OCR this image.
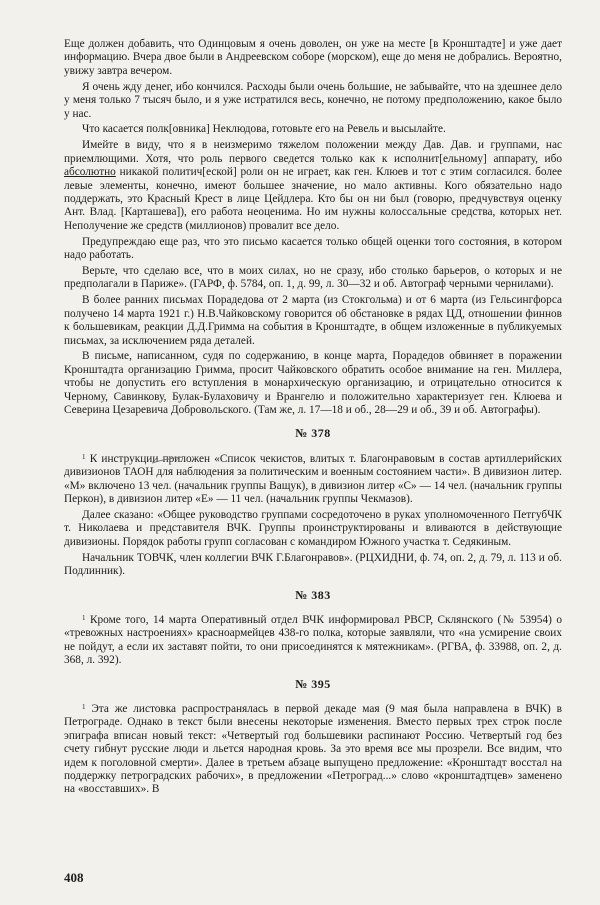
Еще должен добавить, что Одинцовым я очень доволен, он уже на месте [в Кронштадте] и уже дает информацию. Вчера двое были в Андреевском соборе (морском), еще до меня не добрались. Вероятно, увижу завтра вечером.

Я очень жду денег, ибо кончился. Расходы были очень большие, не забывайте, что на здешнее дело у меня только 7 тысяч было, и я уже истратился весь, конечно, не потому предположению, какое было у нас.

Что касается полк[овника] Неклюдова, готовьте его на Ревель и высылайте.

Имейте в виду, что я в неизмеримо тяжелом положении между Дав. Дав. и группами, нас приемлющими. Хотя, что роль первого сведется только как к исполнит[ельному] аппарату, ибо абсолютно никакой политич[еской] роли он не играет, как ген. Клюев и тот с этим согласился. более левые элементы, конечно, имеют большее значение, но мало активны. Кого обязательно надо поддержать, это Красный Крест в лице Цейдлера. Кто бы он ни был (говорю, предчувствуя оценку Ант. Влад. [Карташева]), его работа неоценима. Но им нужны колоссальные средства, которых нет. Неполучение же средств (миллионов) провалит все дело.

Предупреждаю еще раз, что это письмо касается только общей оценки того состояния, в котором надо работать.

Верьте, что сделаю все, что в моих силах, но не сразу, ибо столько барьеров, о которых и не предполагали в Париже». (ГАРФ, ф. 5784, оп. 1, д. 99, л. 30—32 и об. Автограф черными чернилами).

В более ранних письмах Порадедова от 2 марта (из Стокгольма) и от 6 марта (из Гельсингфорса получено 14 марта 1921 г.) Н.В.Чайковскому говорится об обстановке в рядах ЦД, отношении финнов к большевикам, реакции Д.Д.Гримма на события в Кронштадте, в общем изложенные в публикуемых письмах, за исключением ряда деталей.

В письме, написанном, судя по содержанию, в конце марта, Порадедов обвиняет в поражении Кронштадта организацию Гримма, просит Чайковского обратить особое внимание на ген. Миллера, чтобы не допустить его вступления в монархическую организацию, и отрицательно относится к Черному, Савинкову, Булак-Булаховичу и Врангелю и положительно характеризует ген. Клюева и Северина Цезаревича Добровольского. (Там же, л. 17—18 и об., 28—29 и об., 39 и об. Автографы).

№ 378

$^1$ К инструкции приложен «Список чекистов, влитых т. Благонравовым в состав артиллерийских дивизионов ТАОН для наблюдения за политическим и военным состоянием части». В дивизион литер. «М» включено 13 чел. (начальник группы Ващук), в дивизион литер «С» — 14 чел. (начальник группы Перкон), в дивизион литер «Е» — 11 чел. (начальник группы Чекмазов).

Далее сказано: «Общее руководство группами сосредоточено в руках уполномоченного ПетгубЧК т. Николаева и представителя ВЧК. Группы проинструктированы и вливаются в действующие дивизионы. Порядок работы групп согласован с командиром Южного участка т. Седякиным.

Начальник ТОВЧК, член коллегии ВЧК Г.Благонравов». (РЦХИДНИ, ф. 74, оп. 2, д. 79, л. 113 и об. Подлинник).

№ 383

$^1$ Кроме того, 14 марта Оперативный отдел ВЧК информировал РВСР, Склянского (№ 53954) о «тревожных настроениях» красноармейцев 438-го полка, которые заявляли, что «на усмирение своих не пойдут, а если их заставят пойти, то они присоединятся к мятежникам». (РГВА, ф. 33988, оп. 2, д. 368, л. 392).

№ 395

$^1$ Эта же листовка распространялась в первой декаде мая (9 мая была направлена в ВЧК) в Петрограде. Однако в текст были внесены некоторые изменения. Вместо первых трех строк после эпиграфа вписан новый текст: «Четвертый год большевики распинают Россию. Четвертый год без счету гибнут русские люди и льется народная кровь. За это время все мы прозрели. Все видим, что идем к поголовной смерти». Далее в третьем абзаце выпущено предложение: «Кронштадт восстал на поддержку петроградских рабочих», в предложении «Петроград...» слово «кронштадтцев» заменено на «восставших». В

408
